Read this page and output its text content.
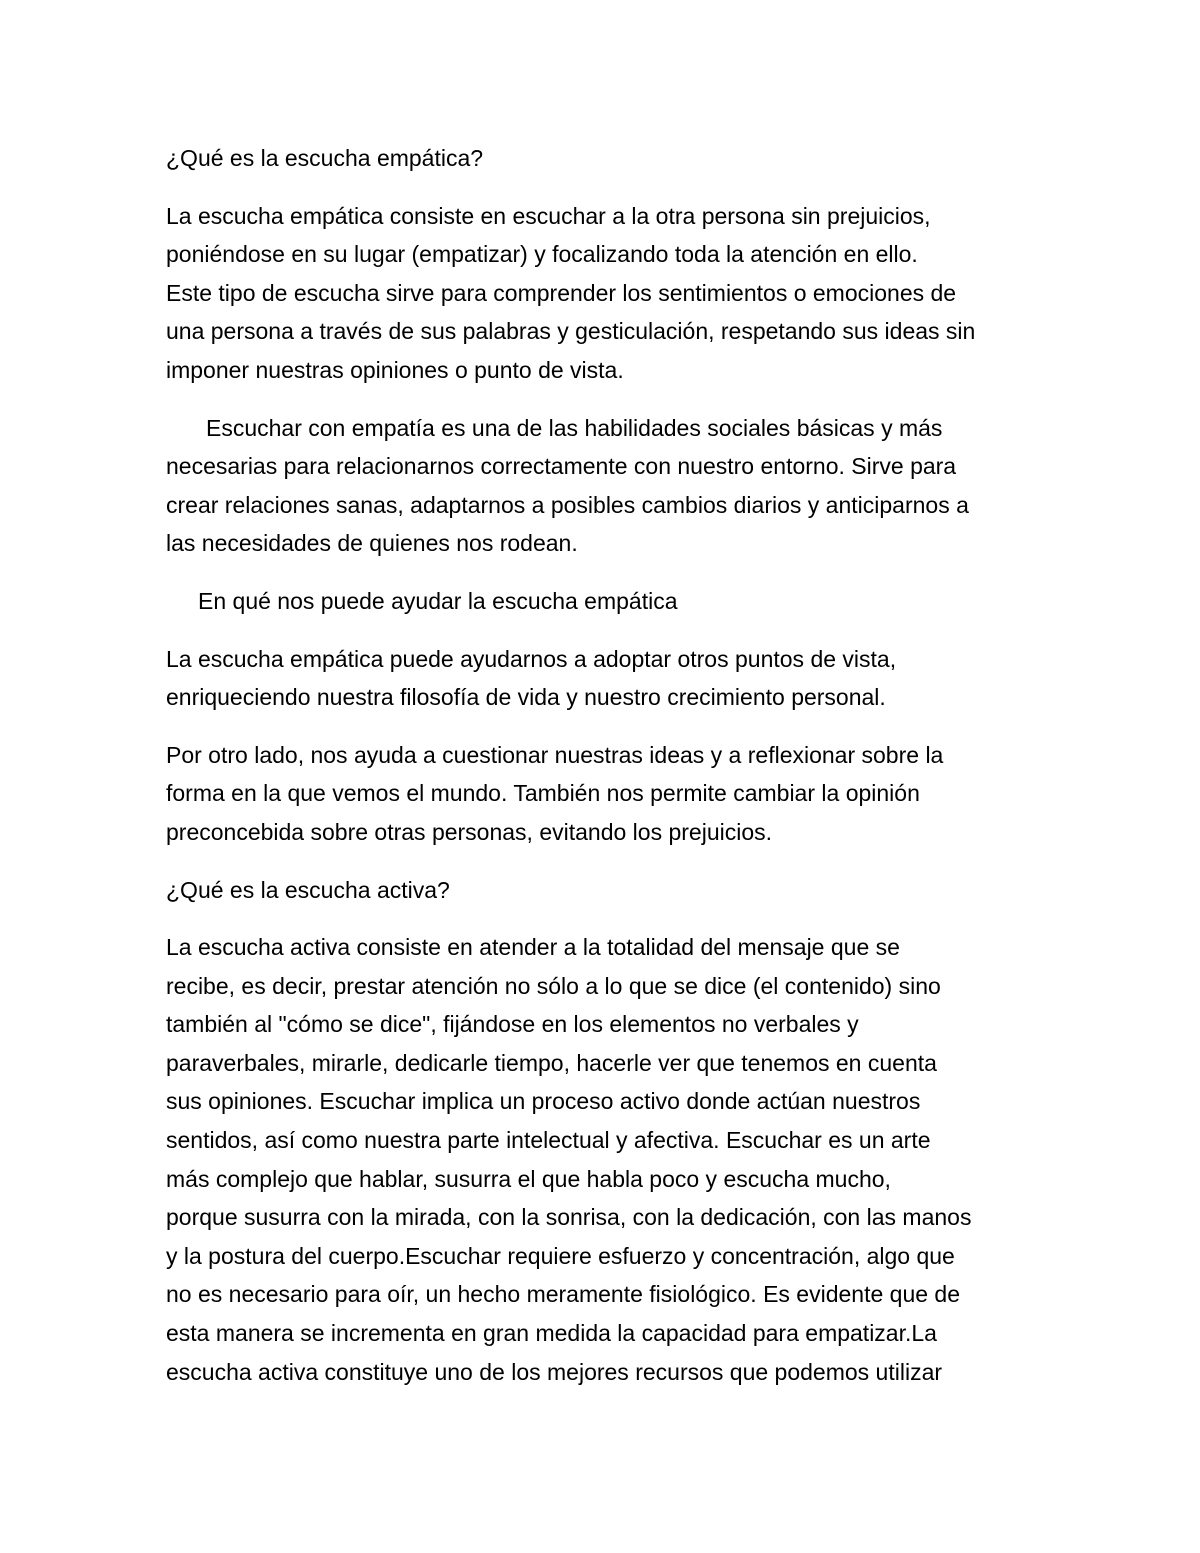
¿Qué es la escucha empática?
La escucha empática consiste en escuchar a la otra persona sin prejuicios,
poniéndose en su lugar (empatizar) y focalizando toda la atención en ello.
Este tipo de escucha sirve para comprender los sentimientos o emociones de
una persona a través de sus palabras y gesticulación, respetando sus ideas sin
imponer nuestras opiniones o punto de vista.
Escuchar con empatía es una de las habilidades sociales básicas y más
necesarias para relacionarnos correctamente con nuestro entorno. Sirve para
crear relaciones sanas, adaptarnos a posibles cambios diarios y anticiparnos a
las necesidades de quienes nos rodean.
En qué nos puede ayudar la escucha empática
La escucha empática puede ayudarnos a adoptar otros puntos de vista,
enriqueciendo nuestra filosofía de vida y nuestro crecimiento personal.
Por otro lado, nos ayuda a cuestionar nuestras ideas y a reflexionar sobre la
forma en la que vemos el mundo. También nos permite cambiar la opinión
preconcebida sobre otras personas, evitando los prejuicios.
¿Qué es la escucha activa?
La escucha activa consiste en atender a la totalidad del mensaje que se
recibe, es decir, prestar atención no sólo a lo que se dice (el contenido) sino
también al "cómo se dice", fijándose en los elementos no verbales y
paraverbales, mirarle, dedicarle tiempo, hacerle ver que tenemos en cuenta
sus opiniones. Escuchar implica un proceso activo donde actúan nuestros
sentidos, así como nuestra parte intelectual y afectiva. Escuchar es un arte
más complejo que hablar, susurra el que habla poco y escucha mucho,
porque susurra con la mirada, con la sonrisa, con la dedicación, con las manos
y la postura del cuerpo.Escuchar requiere esfuerzo y concentración, algo que
no es necesario para oír, un hecho meramente fisiológico. Es evidente que de
esta manera se incrementa en gran medida la capacidad para empatizar.La
escucha activa constituye uno de los mejores recursos que podemos utilizar
